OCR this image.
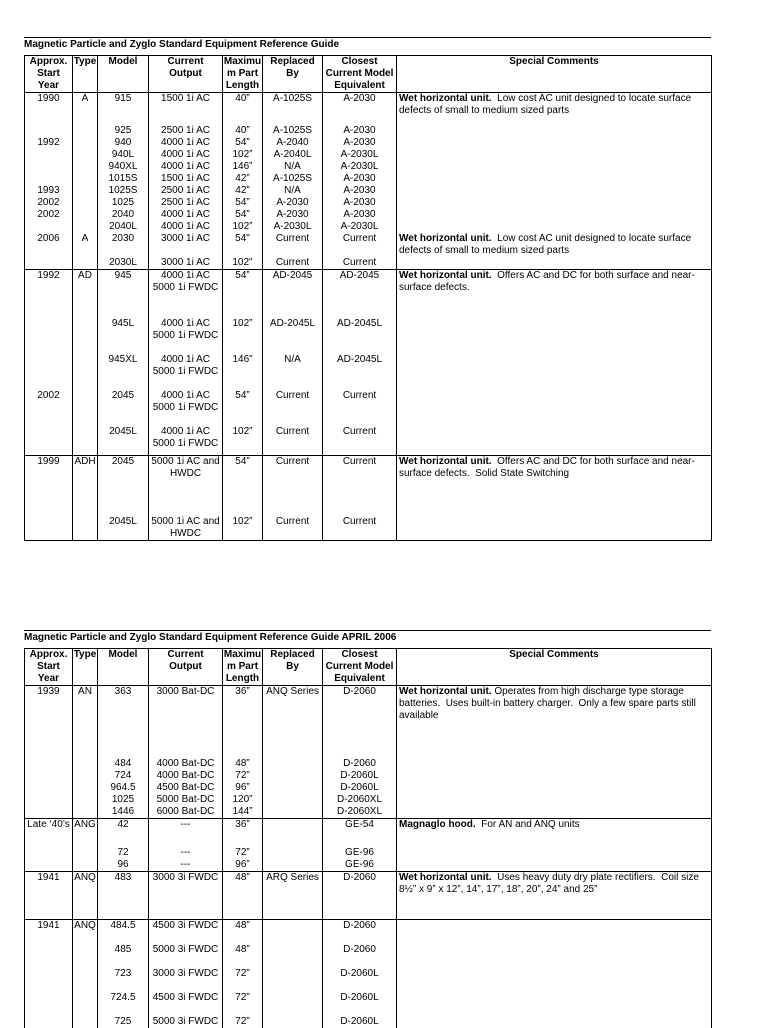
Magnetic Particle and Zyglo Standard Equipment Reference Guide
Approx.
Start
Year	Type	Model	Current
Output	Maximu
m Part
Length	Replaced By	Closest
Current Model
Equivalent	Special Comments
1990	A	915	1500 1i AC	40”	A-1025S	A-2030	Wet horizontal unit.  Low cost AC unit designed to locate surface defects of small to medium sized parts
		925	2500 1i AC	40”	A-1025S	A-2030	
1992		940	4000 1i AC	54”	A-2040	A-2030	
		940L	4000 1i AC	102”	A-2040L	A-2030L	
		940XL	4000 1i AC	146”	N/A	A-2030L	
		1015S	1500 1i AC	42”	A-1025S	A-2030	
1993		1025S	2500 1i AC	42”	N/A	A-2030	
2002		1025	2500 1i AC	54”	A-2030	A-2030	
2002		2040	4000 1i AC	54”	A-2030	A-2030	
		2040L	4000 1i AC	102”	A-2030L	A-2030L	
2006	A	2030	3000 1i AC	54"	Current	Current	Wet horizontal unit.  Low cost AC unit designed to locate surface defects of small to medium sized parts
		2030L	3000 1i AC	102"	Current	Current	
1992	AD	945	4000 1i AC
5000 1i FWDC	54”	AD-2045	AD-2045	Wet horizontal unit.  Offers AC and DC for both surface and near-surface defects.
		945L	4000 1i AC
5000 1i FWDC	102”	AD-2045L	AD-2045L	
		945XL	4000 1i AC
5000 1i FWDC	146”	N/A	AD-2045L	
2002		2045	4000 1i AC
5000 1i FWDC	54”	Current	Current	
		2045L	4000 1i AC
5000 1i FWDC	102”	Current	Current	
1999	ADH	2045	5000 1i AC and
HWDC	54”	Current	Current	Wet horizontal unit.  Offers AC and DC for both surface and near-surface defects.  Solid State Switching
		2045L	5000 1i AC and
HWDC	102”	Current	Current	
Magnetic Particle and Zyglo Standard Equipment Reference Guide APRIL 2006
Approx.
Start
Year	Type	Model	Current
Output	Maximu
m Part
Length	Replaced By	Closest
Current Model
Equivalent	Special Comments
1939	AN	363	3000 Bat-DC	36”	ANQ Series	D-2060	Wet horizontal unit. Operates from high discharge type storage batteries.  Uses built-in battery charger.  Only a few spare parts still available
		484	4000 Bat-DC	48”		D-2060	
		724	4000 Bat-DC	72”		D-2060L	
		964.5	4500 Bat-DC	96”		D-2060L	
		1025	5000 Bat-DC	120”		D-2060XL	
		1446	6000 Bat-DC	144”		D-2060XL	
Late ‘40’s	ANG	42	---	36”		GE-54	Magnaglo hood.  For AN and ANQ units
		72	---	72”		GE-96	
		96	---	96”		GE-96	
1941	ANQ	483	3000 3i FWDC	48”	ARQ Series	D-2060	Wet horizontal unit.  Uses heavy duty dry plate rectifiers.  Coil size 8½” x 9” x 12”, 14”, 17”, 18”, 20”, 24” and 25”
1941	ANQ	484.5	4500 3i FWDC	48”		D-2060	
		485	5000 3i FWDC	48”		D-2060	
		723	3000 3i FWDC	72”		D-2060L	
		724.5	4500 3i FWDC	72”		D-2060L	
		725	5000 3i FWDC	72”		D-2060L	
